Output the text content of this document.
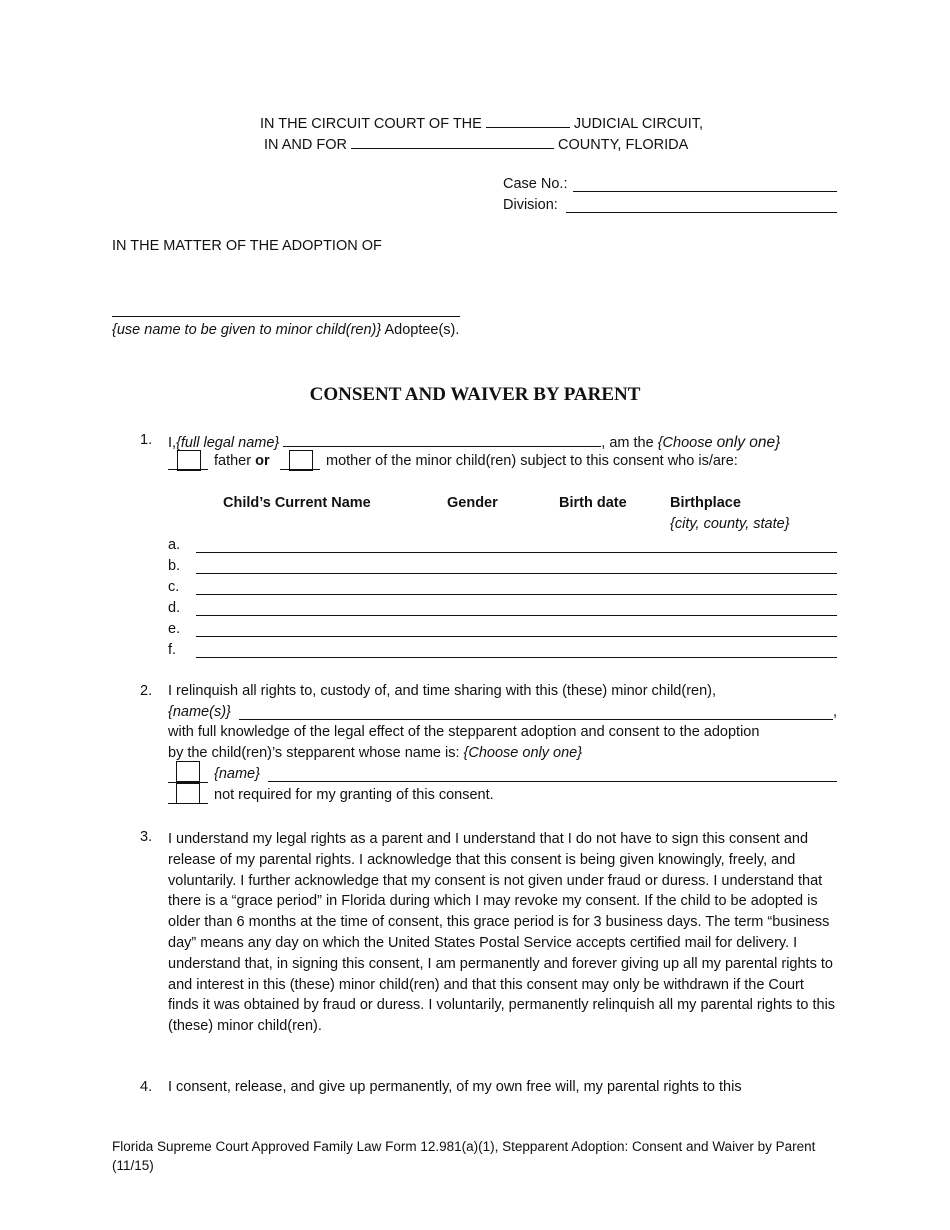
IN THE CIRCUIT COURT OF THE	JUDICIAL CIRCUIT,
IN AND FOR	COUNTY, FLORIDA
Case No.:
Division:
IN THE MATTER OF THE ADOPTION OF
{use name to be given to minor child(ren)} Adoptee(s).
CONSENT AND WAIVER BY PARENT
1. I,{full legal name}	, am the {Choose only one}
father or	mother of the minor child(ren) subject to this consent who is/are:
Child’s Current Name	Gender	Birth date	Birthplace
{city, county, state}
a.
b.
c.
d.
e.
f.
2. I relinquish all rights to, custody of, and time sharing with this (these) minor child(ren),
{name(s)}	,
with full knowledge of the legal effect of the stepparent adoption and consent to the adoption
by the child(ren)’s stepparent whose name is: {Choose only one}
{name}
not required for my granting of this consent.
3. I understand my legal rights as a parent and I understand that I do not have to sign this consent and release of my parental rights. I acknowledge that this consent is being given knowingly, freely, and voluntarily. I further acknowledge that my consent is not given under fraud or duress. I understand that there is a “grace period” in Florida during which I may revoke my consent. If the child to be adopted is older than 6 months at the time of consent, this grace period is for 3 business days. The term “business day” means any day on which the United States Postal Service accepts certified mail for delivery. I understand that, in signing this consent, I am permanently and forever giving up all my parental rights to and interest in this (these) minor child(ren) and that this consent may only be withdrawn if the Court finds it was obtained by fraud or duress. I voluntarily, permanently relinquish all my parental rights to this (these) minor child(ren).
4. I consent, release, and give up permanently, of my own free will, my parental rights to this
Florida Supreme Court Approved Family Law Form 12.981(a)(1), Stepparent Adoption: Consent and Waiver by Parent (11/15)
